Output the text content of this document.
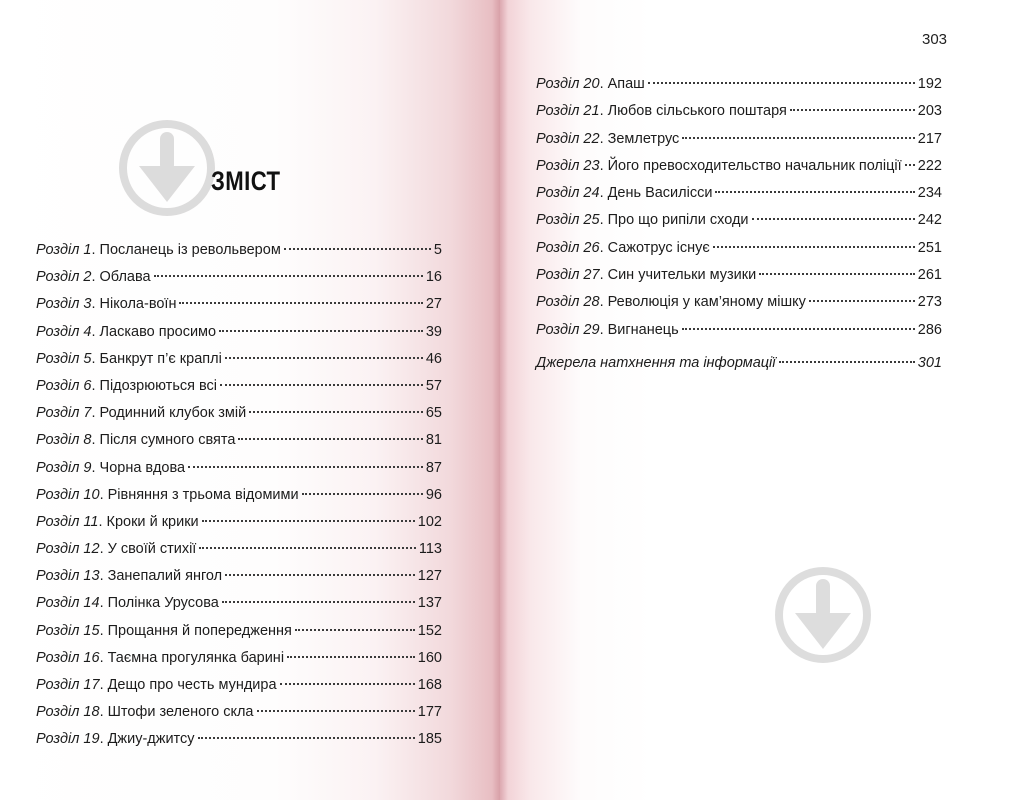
303
ЗМІСТ
Розділ 1 . Посланець із револьвером	5
Розділ 2 . Облава	16
Розділ 3 . Нікола-воїн	27
Розділ 4 . Ласкаво просимо	39
Розділ 5 . Банкрут п’є краплі	46
Розділ 6 . Підозрюються всі	57
Розділ 7 . Родинний клубок змій	65
Розділ 8 . Після сумного свята	81
Розділ 9 . Чорна вдова	87
Розділ 10 . Рівняння з трьома відомими	96
Розділ 11 . Кроки й крики	102
Розділ 12 . У своїй стихії	113
Розділ 13 . Занепалий янгол	127
Розділ 14 . Полінка Урусова	137
Розділ 15 . Прощання й попередження	152
Розділ 16 . Таємна прогулянка барині	160
Розділ 17 . Дещо про честь мундира	168
Розділ 18 . Штофи зеленого скла	177
Розділ 19 . Джиу-джитсу	185
Розділ 20 . Апаш	192
Розділ 21 . Любов сільського поштаря	203
Розділ 22 . Землетрус	217
Розділ 23 . Його превосходительство начальник поліції 222
Розділ 24 . День Василісси	234
Розділ 25 . Про що рипіли сходи	242
Розділ 26 . Сажотрус існує	251
Розділ 27 . Син учительки музики	261
Розділ 28 . Революція у кам’яному мішку	273
Розділ 29 . Вигнанець	286
Джерела натхнення та інформації	301
